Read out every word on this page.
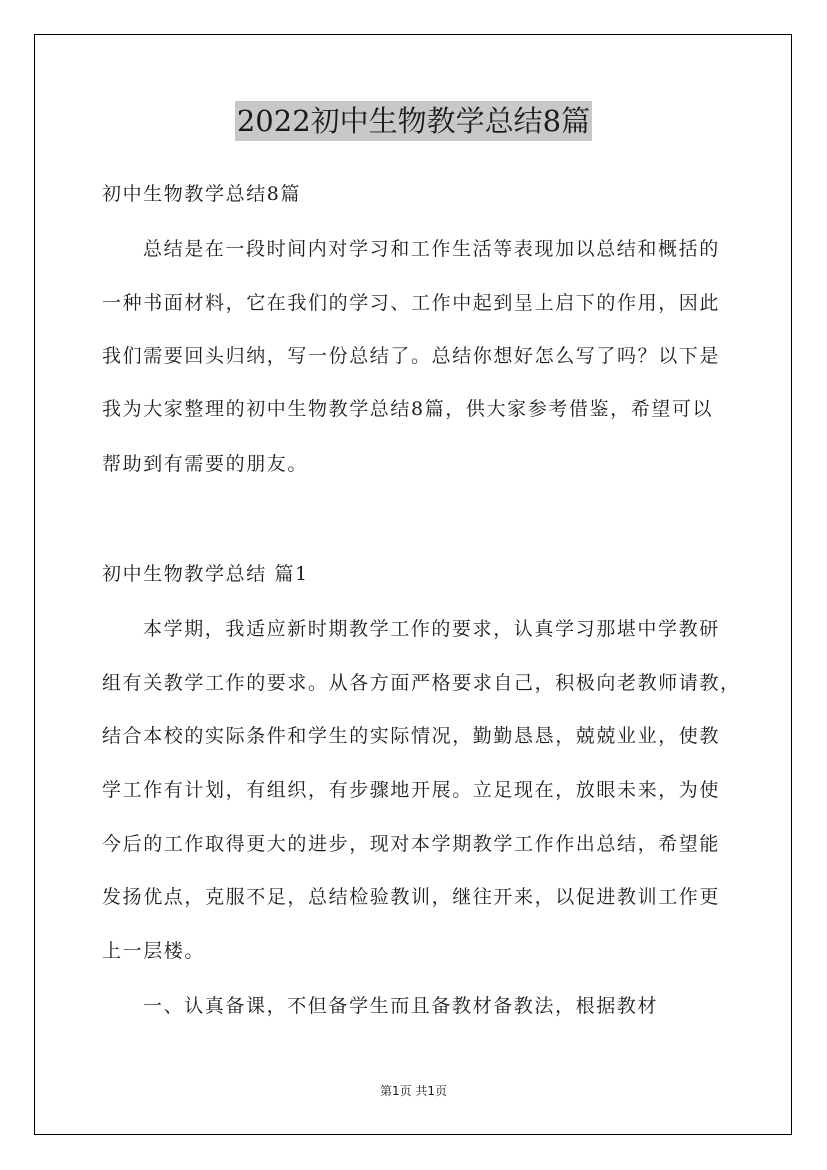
2022初中生物教学总结8篇
初中生物教学总结8篇
总结是在一段时间内对学习和工作生活等表现加以总结和概括的
一种书面材料，它在我们的学习、工作中起到呈上启下的作用，因此
我们需要回头归纳，写一份总结了。总结你想好怎么写了吗？以下是
我为大家整理的初中生物教学总结8篇，供大家参考借鉴，希望可以
帮助到有需要的朋友。
初中生物教学总结 篇1
本学期，我适应新时期教学工作的要求，认真学习那堪中学教研
组有关教学工作的要求。从各方面严格要求自己，积极向老教师请教，
结合本校的实际条件和学生的实际情况，勤勤恳恳，兢兢业业，使教
学工作有计划，有组织，有步骤地开展。立足现在，放眼未来，为使
今后的工作取得更大的进步，现对本学期教学工作作出总结，希望能
发扬优点，克服不足，总结检验教训，继往开来，以促进教训工作更
上一层楼。
一、认真备课，不但备学生而且备教材备教法，根据教材
第1页 共1页
